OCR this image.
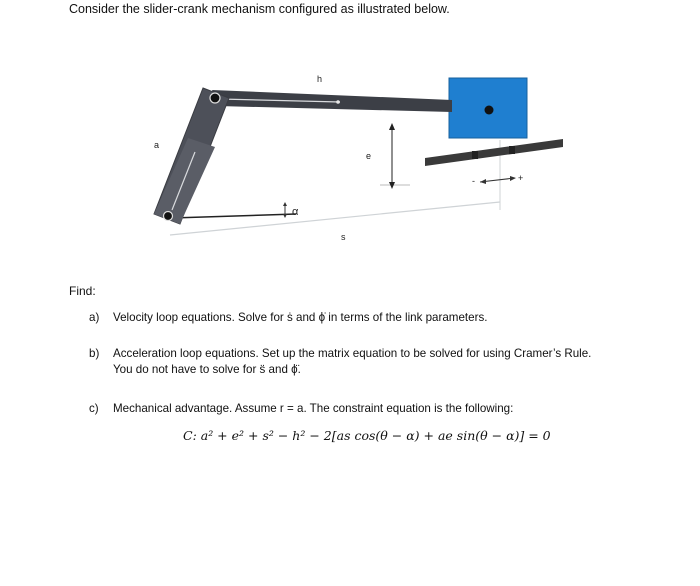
Consider the slider-crank mechanism configured as illustrated below.
h
a
e
s
α
+
-
Find:
a) Velocity loop equations. Solve for ṡ and ϕ̇ in terms of the link parameters.
b) Acceleration loop equations. Set up the matrix equation to be solved for using Cramer’s Rule.
You do not have to solve for s̈ and ϕ̈.
c) Mechanical advantage. Assume r = a. The constraint equation is the following:
C: a² + e² + s² − h² − 2[as cos(θ − α) + ae sin(θ − α)] = 0
